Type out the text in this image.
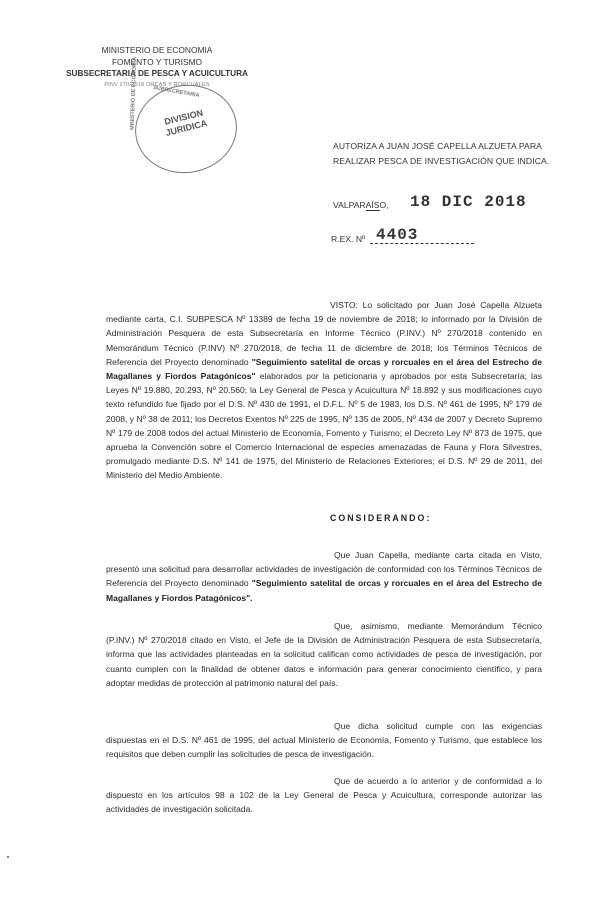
MINISTERIO DE ECONOMIA
FOMENTO Y TURISMO
SUBSECRETARIA DE PESCA Y ACUICULTURA
PINV 270/2018 ORCAS Y RORCUALES
MINISTERIO DE ECONOMIA	SUBSECRETARIA
DIVISION JURIDICA
AUTORIZA A JUAN JOSÉ CAPELLA ALZUETA PARA
REALIZAR PESCA DE INVESTIGACIÓN QUE INDICA.
VALPARAÍSO, 18 DIC 2018
R.EX. Nº 4403

VISTO: Lo solicitado por Juan José Capella Alzueta mediante carta, C.I. SUBPESCA Nº 13389 de fecha 19 de noviembre de 2018; lo informado por la División de Administración Pesquera de esta Subsecretaría en Informe Técnico (P.INV.) Nº 270/2018 contenido en Memorándum Técnico (P.INV) Nº 270/2018, de fecha 11 de diciembre de 2018; los Términos Técnicos de Referencia del Proyecto denominado "Seguimiento satelital de orcas y rorcuales en el área del Estrecho de Magallanes y Fiordos Patagónicos" elaborados por la peticionaria y aprobados por esta Subsecretaría; las Leyes Nº 19.880, 20.293, Nº 20.560; la Ley General de Pesca y Acuicultura Nº 18.892 y sus modificaciones cuyo texto refundido fue fijado por el D.S. Nº 430 de 1991, el D.F.L. Nº 5 de 1983, los D.S. Nº 461 de 1995, Nº 179 de 2008, y Nº 38 de 2011; los Decretos Exentos Nº 225 de 1995, Nº 135 de 2005, Nº 434 de 2007 y Decreto Supremo Nº 179 de 2008 todos del actual Ministerio de Economía, Fomento y Turismo; el Decreto Ley Nº 873 de 1975, que aprueba la Convención sobre el Comercio Internacional de especies amenazadas de Fauna y Flora Silvestres, promulgado mediante D.S. Nº 141 de 1975, del Ministerio de Relaciones Exteriores; el D.S. Nº 29 de 2011, del Ministerio del Medio Ambiente.

CONSIDERANDO:

Que Juan Capella, mediante carta citada en Visto, presentó una solicitud para desarrollar actividades de investigación de conformidad con los Términos Técnicos de Referencia del Proyecto denominado "Seguimiento satelital de orcas y rorcuales en el área del Estrecho de Magallanes y Fiordos Patagónicos".

Que, asimismo, mediante Memorándum Técnico (P.INV.) Nº 270/2018 citado en Visto, el Jefe de la División de Administración Pesquera de esta Subsecretaría, informa que las actividades planteadas en la solicitud califican como actividades de pesca de investigación, por cuanto cumplen con la finalidad de obtener datos e información para generar conocimiento científico, y para adoptar medidas de protección al patrimonio natural del país.

Que dicha solicitud cumple con las exigencias dispuestas en el D.S. Nº 461 de 1995, del actual Ministerio de Economía, Fomento y Turismo, que establece los requisitos que deben cumplir las solicitudes de pesca de investigación.

Que de acuerdo a lo anterior y de conformidad a lo dispuesto en los artículos 98 a 102 de la Ley General de Pesca y Acuicultura, corresponde autorizar las actividades de investigación solicitada.
